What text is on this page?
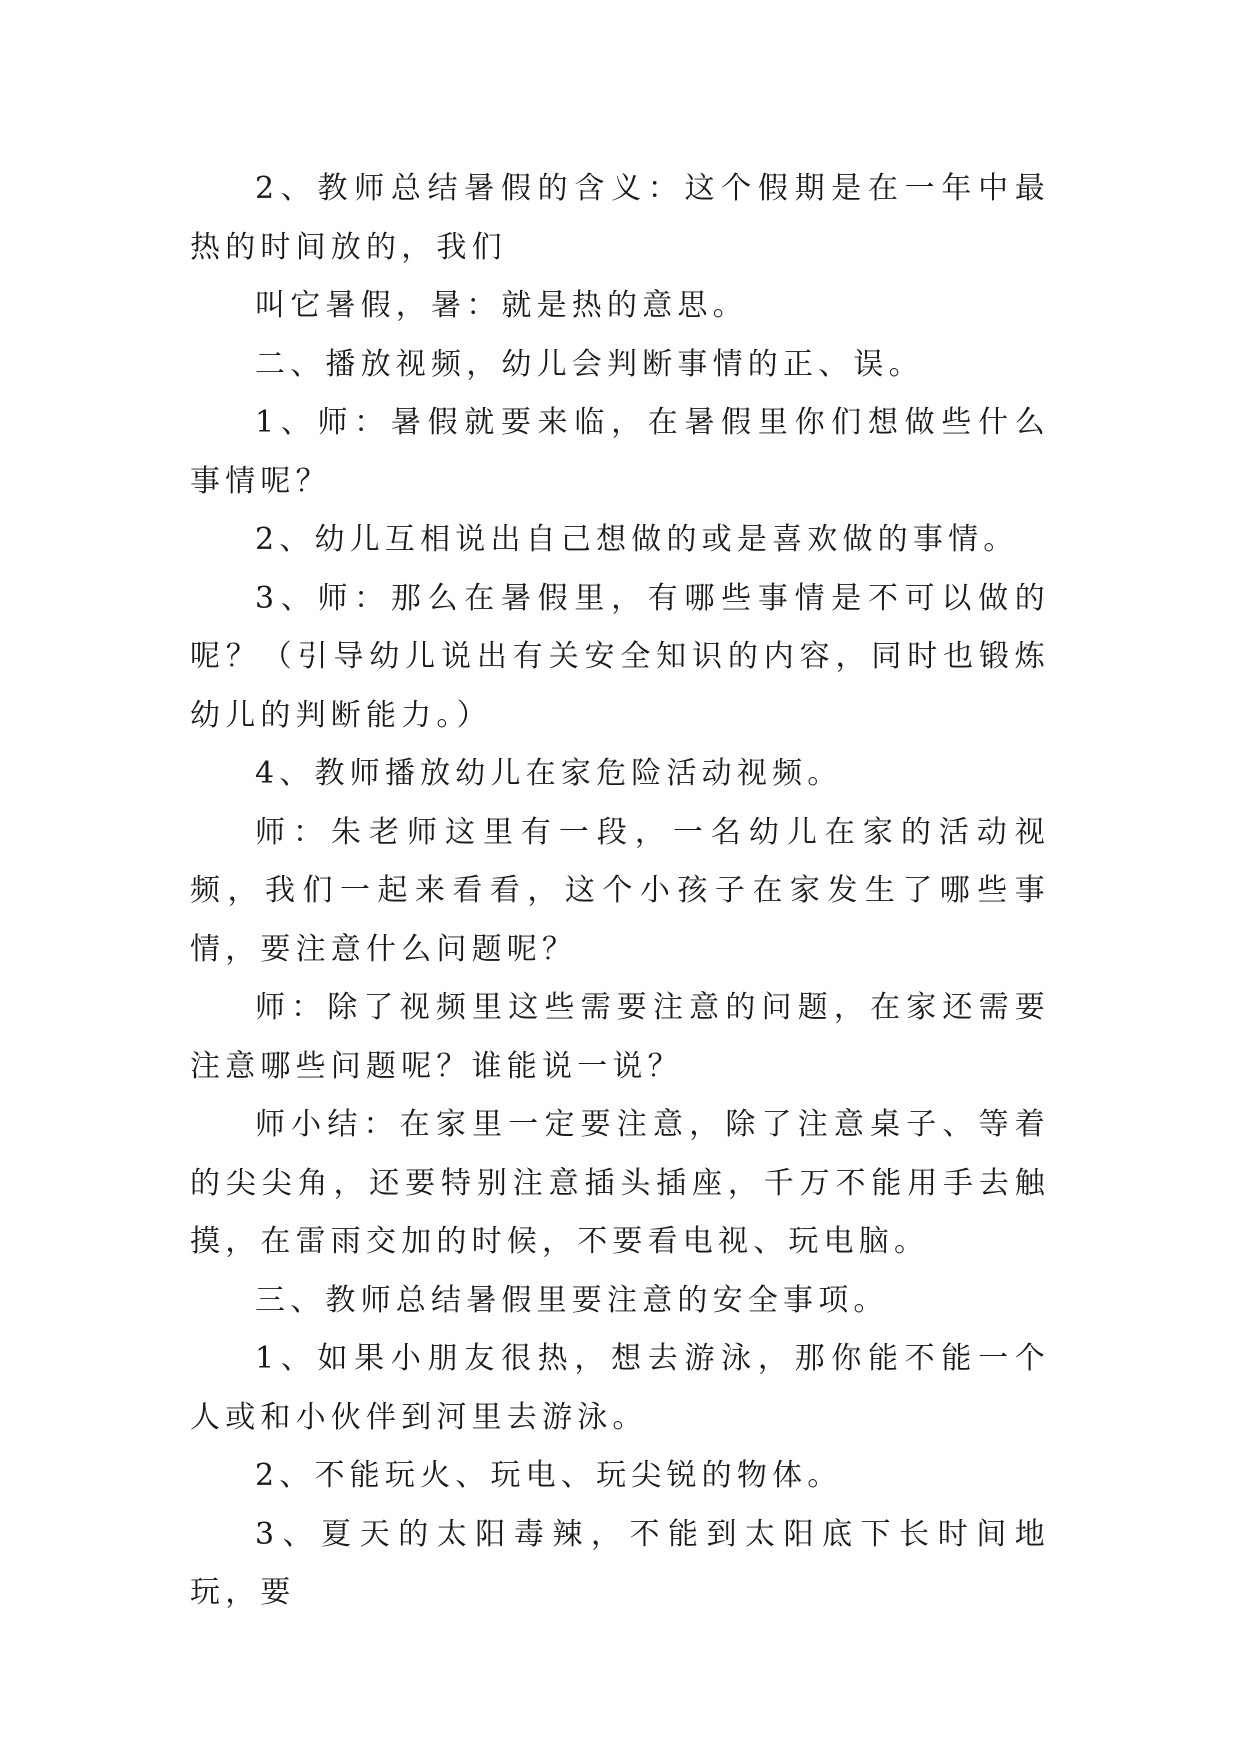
2、教师总结暑假的含义：这个假期是在一年中最热的时间放的，我们

叫它暑假，暑：就是热的意思。

二、播放视频，幼儿会判断事情的正、误。

1、师：暑假就要来临，在暑假里你们想做些什么事情呢？

2、幼儿互相说出自己想做的或是喜欢做的事情。

3、师：那么在暑假里，有哪些事情是不可以做的呢？（引导幼儿说出有关安全知识的内容，同时也锻炼幼儿的判断能力。）

4、教师播放幼儿在家危险活动视频。

师：朱老师这里有一段，一名幼儿在家的活动视频，我们一起来看看，这个小孩子在家发生了哪些事情，要注意什么问题呢？

师：除了视频里这些需要注意的问题，在家还需要注意哪些问题呢？谁能说一说？

师小结：在家里一定要注意，除了注意桌子、等着的尖尖角，还要特别注意插头插座，千万不能用手去触摸，在雷雨交加的时候，不要看电视、玩电脑。

三、教师总结暑假里要注意的安全事项。

1、如果小朋友很热，想去游泳，那你能不能一个人或和小伙伴到河里去游泳。

2、不能玩火、玩电、玩尖锐的物体。

3、夏天的太阳毒辣，不能到太阳底下长时间地玩，要
